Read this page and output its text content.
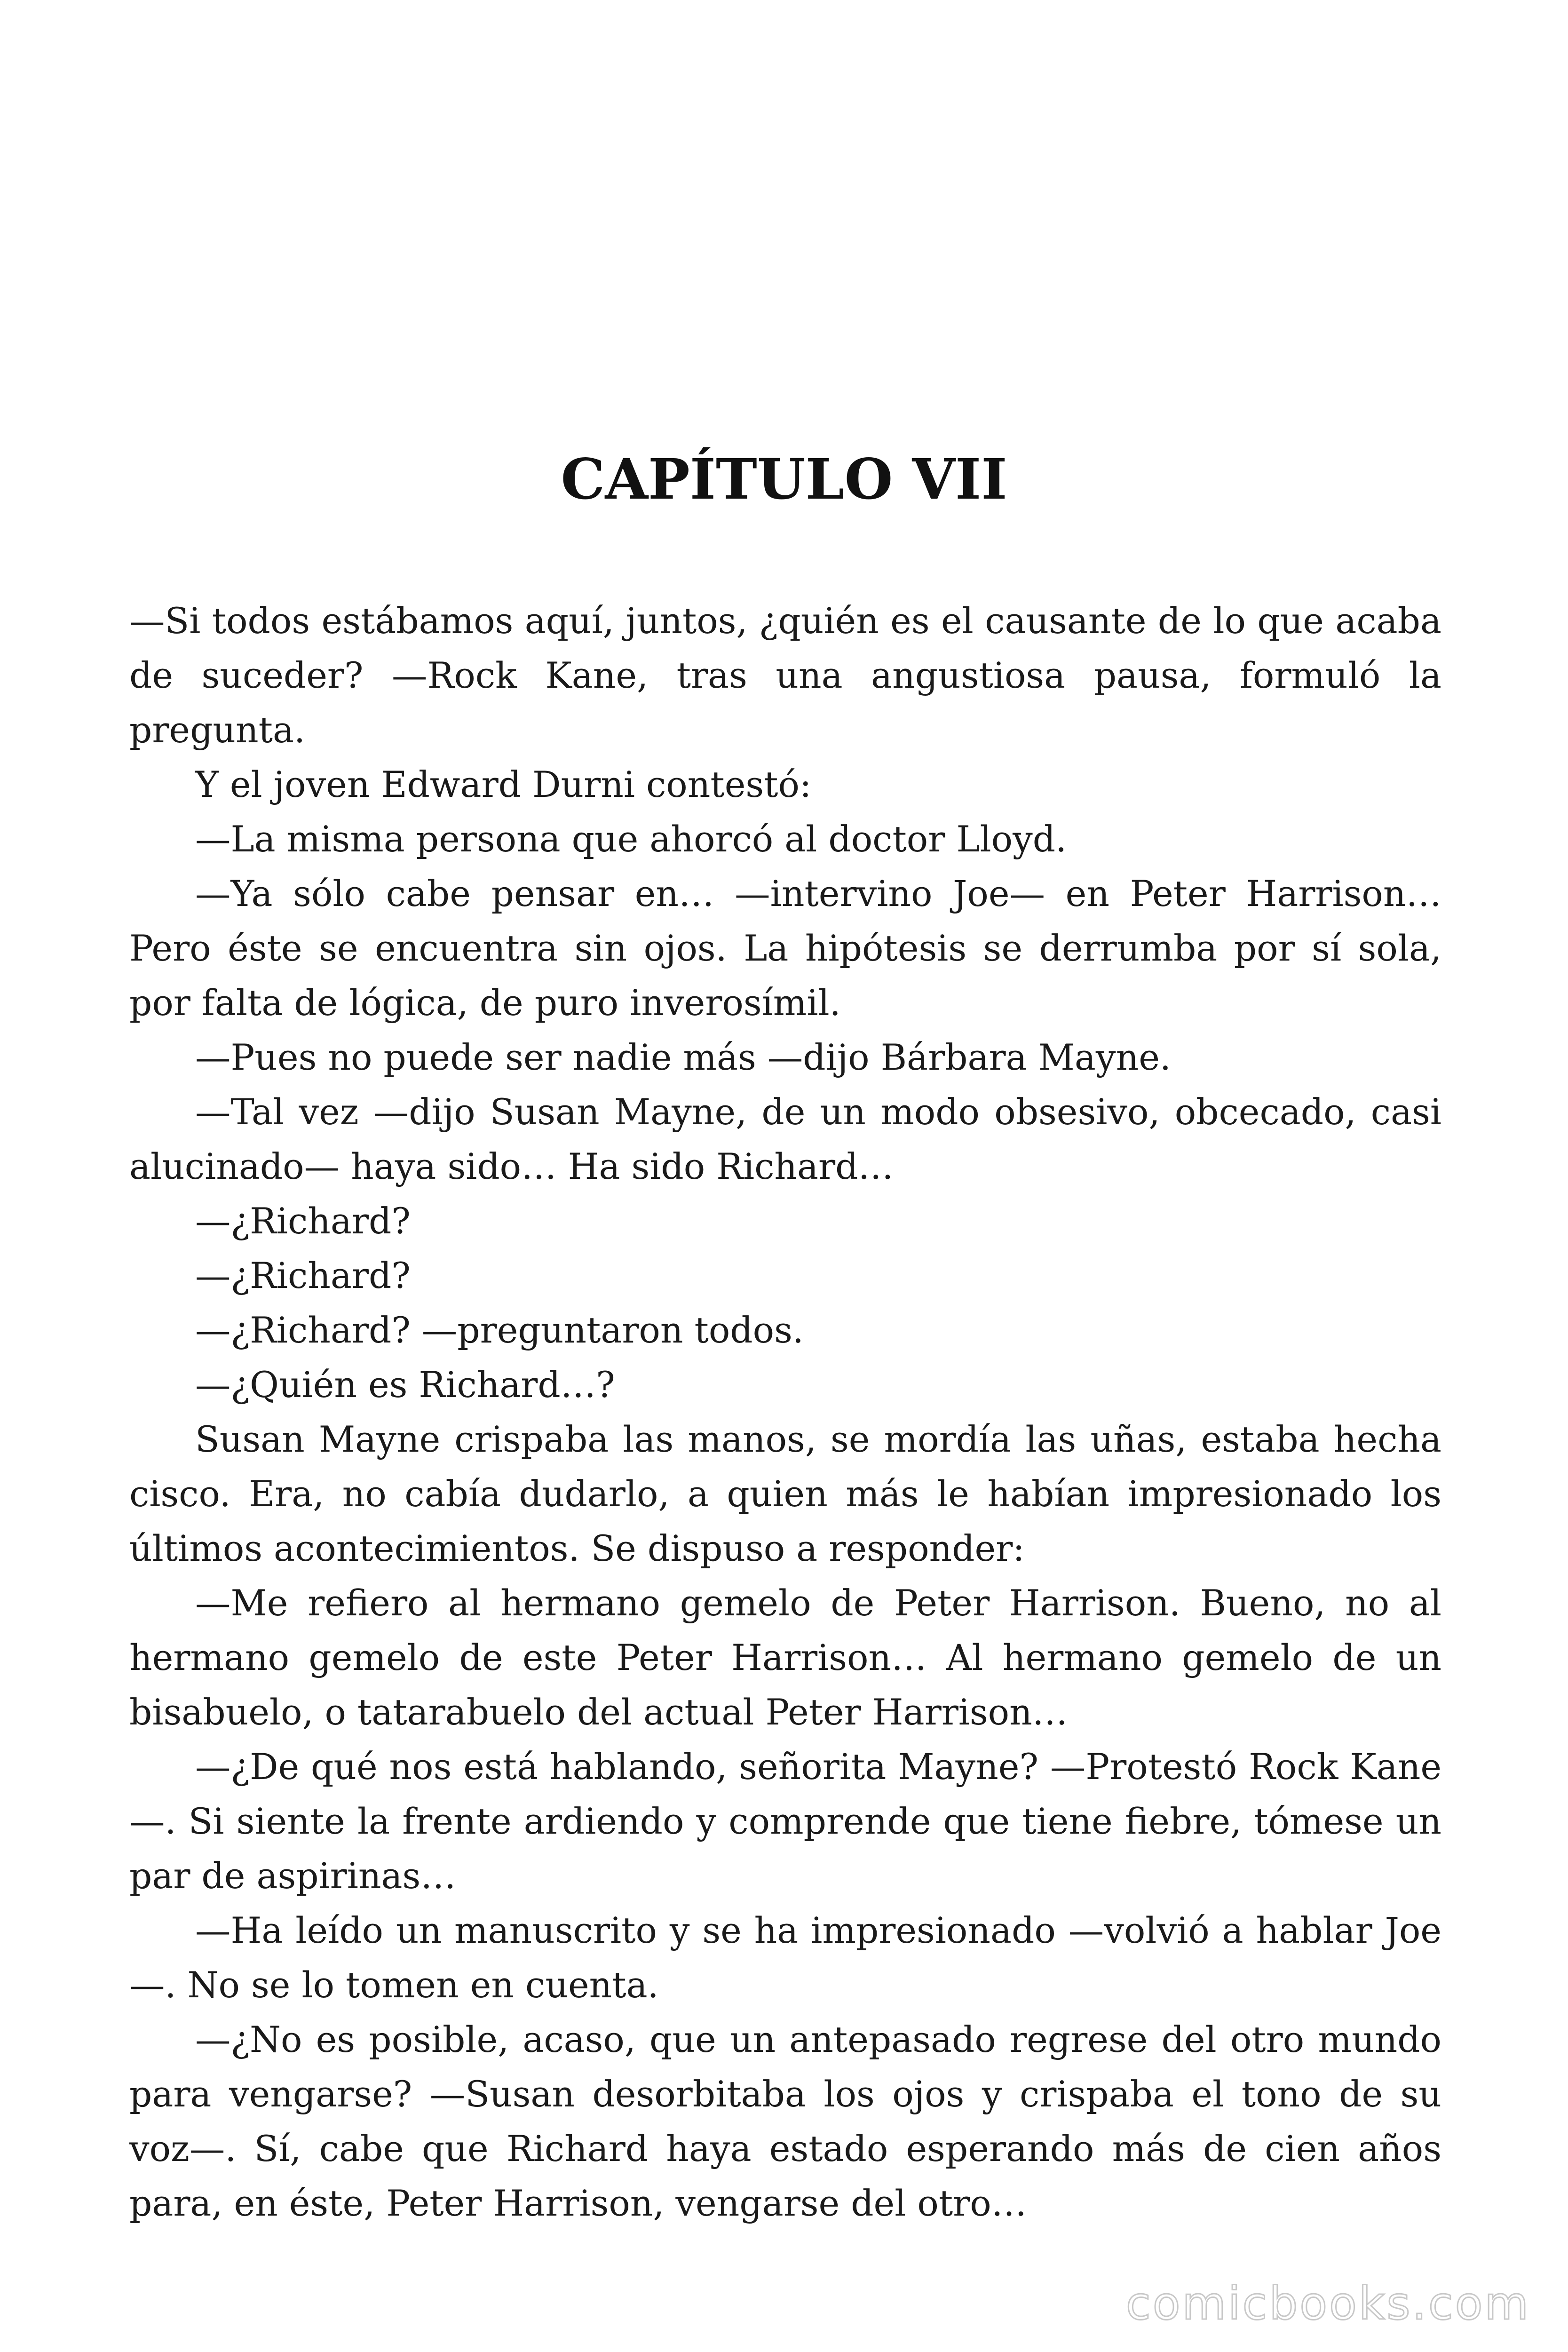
CAPÍTULO VII

—Si todos estábamos aquí, juntos, ¿quién es el causante de lo que acaba de suceder? —Rock Kane, tras una angustiosa pausa, formuló la pregunta.

Y el joven Edward Durni contestó:

—La misma persona que ahorcó al doctor Lloyd.

—Ya sólo cabe pensar en… —intervino Joe— en Peter Harrison… Pero éste se encuentra sin ojos. La hipótesis se derrumba por sí sola, por falta de lógica, de puro inverosímil.

—Pues no puede ser nadie más —dijo Bárbara Mayne.

—Tal vez —dijo Susan Mayne, de un modo obsesivo, obcecado, casi alucinado— haya sido… Ha sido Richard…

—¿Richard?

—¿Richard?

—¿Richard? —preguntaron todos.

—¿Quién es Richard…?

Susan Mayne crispaba las manos, se mordía las uñas, estaba hecha cisco. Era, no cabía dudarlo, a quien más le habían impresionado los últimos acontecimientos. Se dispuso a responder:

—Me refiero al hermano gemelo de Peter Harrison. Bueno, no al hermano gemelo de este Peter Harrison… Al hermano gemelo de un bisabuelo, o tatarabuelo del actual Peter Harrison…

—¿De qué nos está hablando, señorita Mayne? —Protestó Rock Kane—. Si siente la frente ardiendo y comprende que tiene fiebre, tómese un par de aspirinas…

—Ha leído un manuscrito y se ha impresionado —volvió a hablar Joe—. No se lo tomen en cuenta.

—¿No es posible, acaso, que un antepasado regrese del otro mundo para vengarse? —Susan desorbitaba los ojos y crispaba el tono de su voz—. Sí, cabe que Richard haya estado esperando más de cien años para, en éste, Peter Harrison, vengarse del otro…

comicbooks.com
